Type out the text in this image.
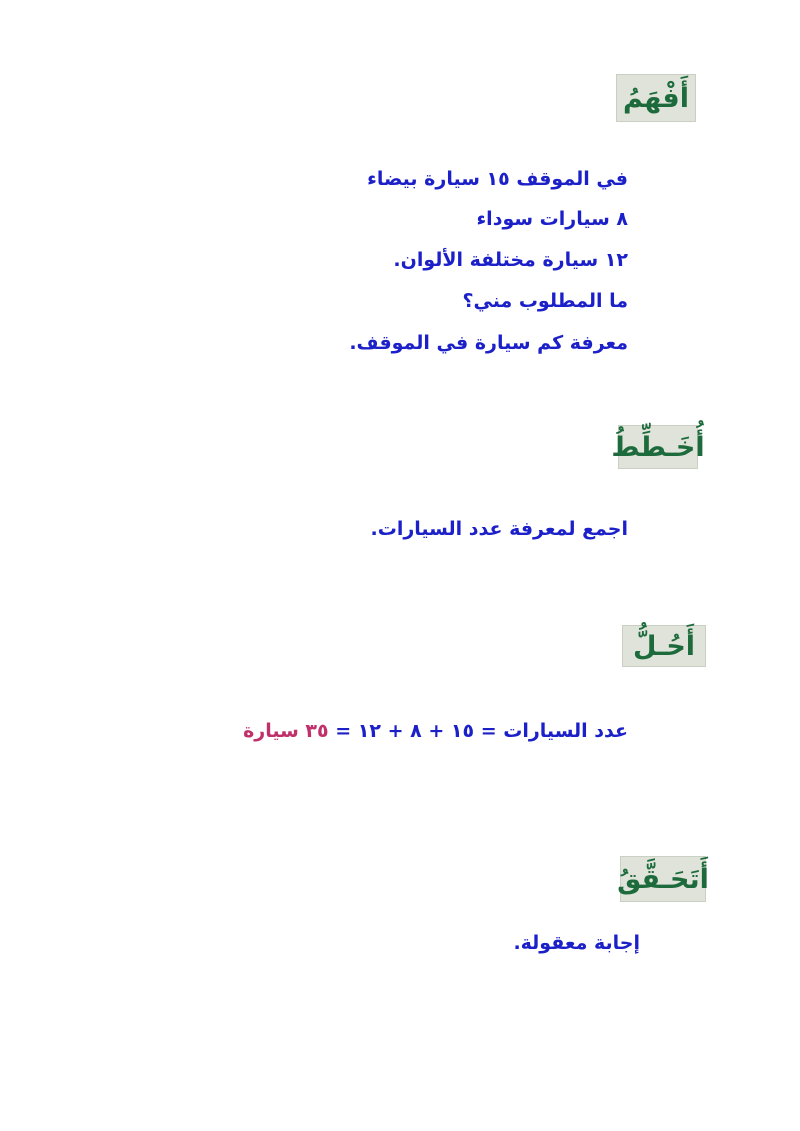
أَفْهَمُ
في الموقف ١٥ سيارة بيضاء
٨ سيارات سوداء
١٢ سيارة مختلفة الألوان.
ما المطلوب مني؟
معرفة كم سيارة في الموقف.
أُخَـطِّطُ
اجمع لمعرفة عدد السيارات.
أَحُـلُّ
عدد السيارات = ١٥ + ٨ + ١٢ = ٣٥ سيارة
أَتَحَـقَّقُ
إجابة معقولة.
